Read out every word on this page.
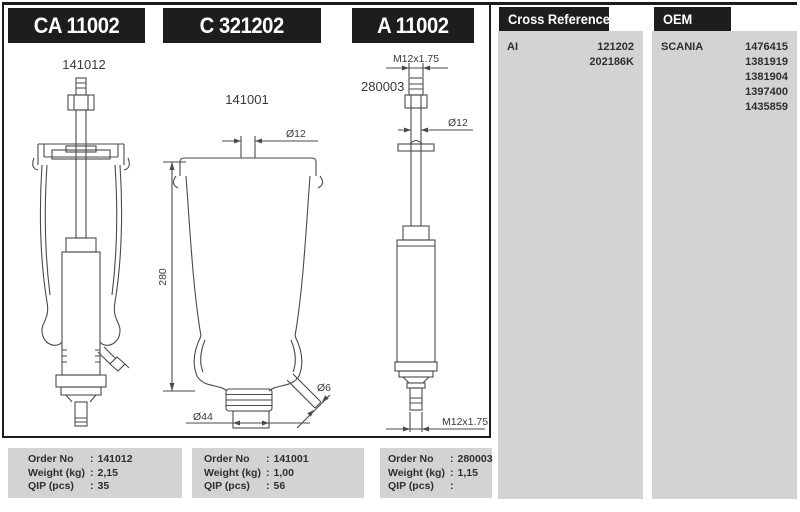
CA 11002	C 321202	A 11002
141012
141001
280003
Ø12
280
Ø44
Ø6
M12x1.75
Ø12
M12x1.75
Cross References
AI	121202
202186K
OEM
SCANIA	1476415
1381919
1381904
1397400
1435859
Order No : 141012
Weight (kg) : 2,15
QIP (pcs) : 35
Order No : 141001
Weight (kg) : 1,00
QIP (pcs) : 56
Order No : 280003
Weight (kg) : 1,15
QIP (pcs) :
